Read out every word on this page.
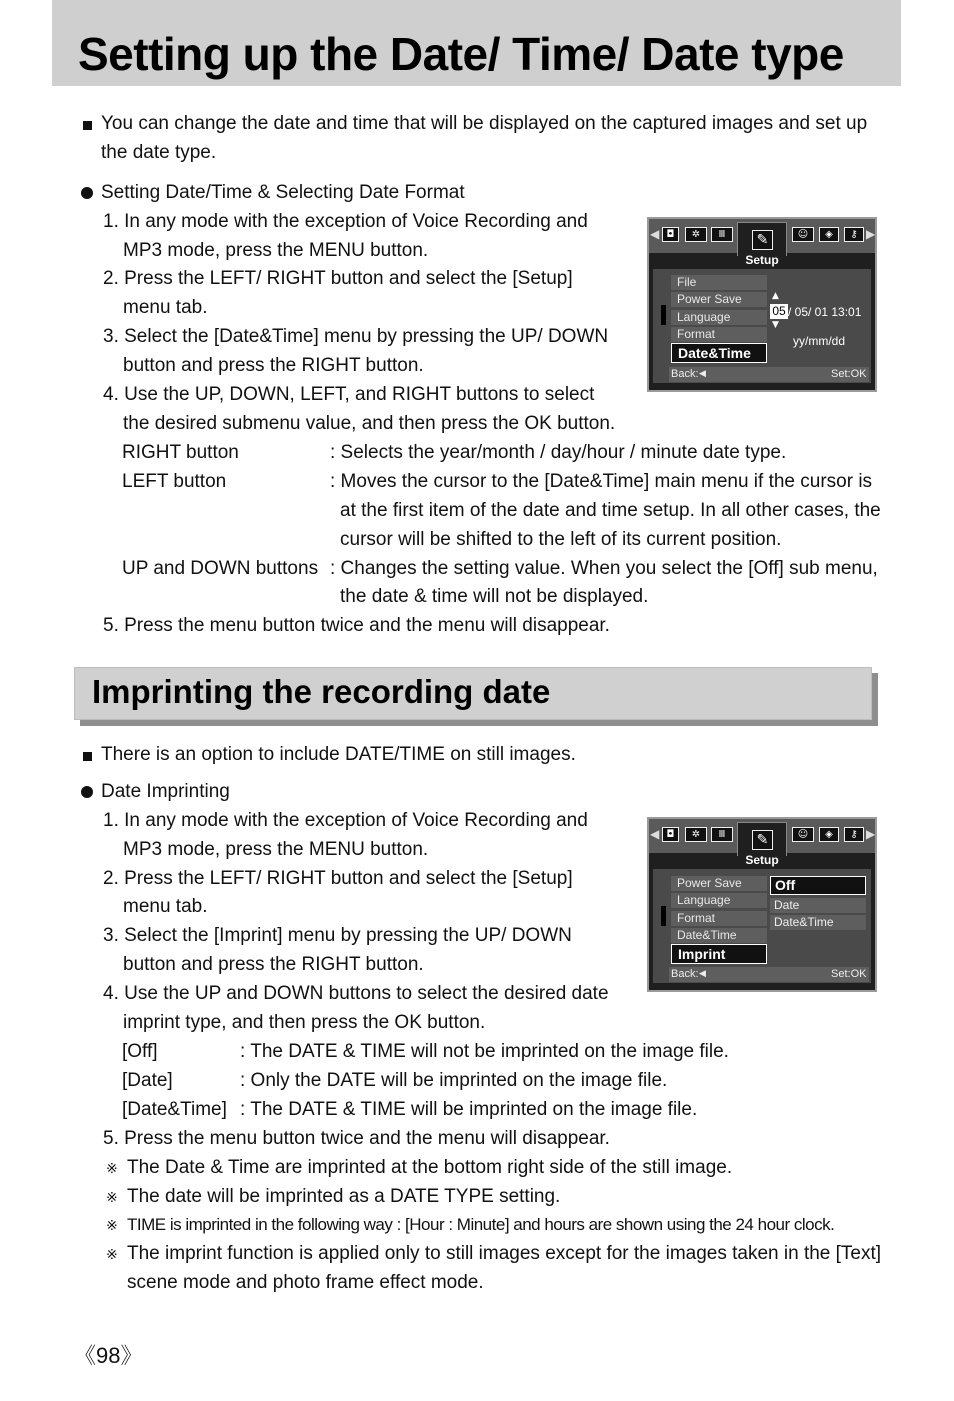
Setting up the Date/ Time/ Date type
You can change the date and time that will be displayed on the captured images and set up
the date type.
Setting Date/Time & Selecting Date Format
1. In any mode with the exception of Voice Recording and
MP3 mode, press the MENU button.
2. Press the LEFT/ RIGHT button and select the [Setup]
menu tab.
3. Select the [Date&Time] menu by pressing the UP/ DOWN
button and press the RIGHT button.
4. Use the UP, DOWN, LEFT, and RIGHT buttons to select
the desired submenu value, and then press the OK button.
RIGHT button	: Selects the year/month / day/hour / minute date type.
LEFT button	: Moves the cursor to the [Date&Time] main menu if the cursor is
at the first item of the date and time setup. In all other cases, the
cursor will be shifted to the left of its current position.
UP and DOWN buttons : Changes the setting value. When you select the [Off] sub menu,
the date & time will not be displayed.
5. Press the menu button twice and the menu will disappear.
◀ ◘	✲	Ⅲ	✎	☺	◈	⚷ ▶
Setup
File
Power Save
Language
Format
Date&Time
▲
05 / 05/ 01 13:01
▼
yy/mm/dd
Back: ◀	Set:OK
Imprinting the recording date
There is an option to include DATE/TIME on still images.
Date Imprinting
1. In any mode with the exception of Voice Recording and
MP3 mode, press the MENU button.
2. Press the LEFT/ RIGHT button and select the [Setup]
menu tab.
3. Select the [Imprint] menu by pressing the UP/ DOWN
button and press the RIGHT button.
4. Use the UP and DOWN buttons to select the desired date
imprint type, and then press the OK button.
[Off]	: The DATE & TIME will not be imprinted on the image file.
[Date]	: Only the DATE will be imprinted on the image file.
[Date&Time] : The DATE & TIME will be imprinted on the image file.
5. Press the menu button twice and the menu will disappear.
※ The Date & Time are imprinted at the bottom right side of the still image.
※ The date will be imprinted as a DATE TYPE setting.
※ TIME is imprinted in the following way : [Hour : Minute] and hours are shown using the 24 hour clock.
※ The imprint function is applied only to still images except for the images taken in the [Text]
scene mode and photo frame effect mode.
◀ ◘	✲	Ⅲ	✎	☺	◈	⚷ ▶
Setup
Power Save
Language
Format
Date&Time
Imprint
Off
Date
Date&Time
Back: ◀	Set:OK
《98》
